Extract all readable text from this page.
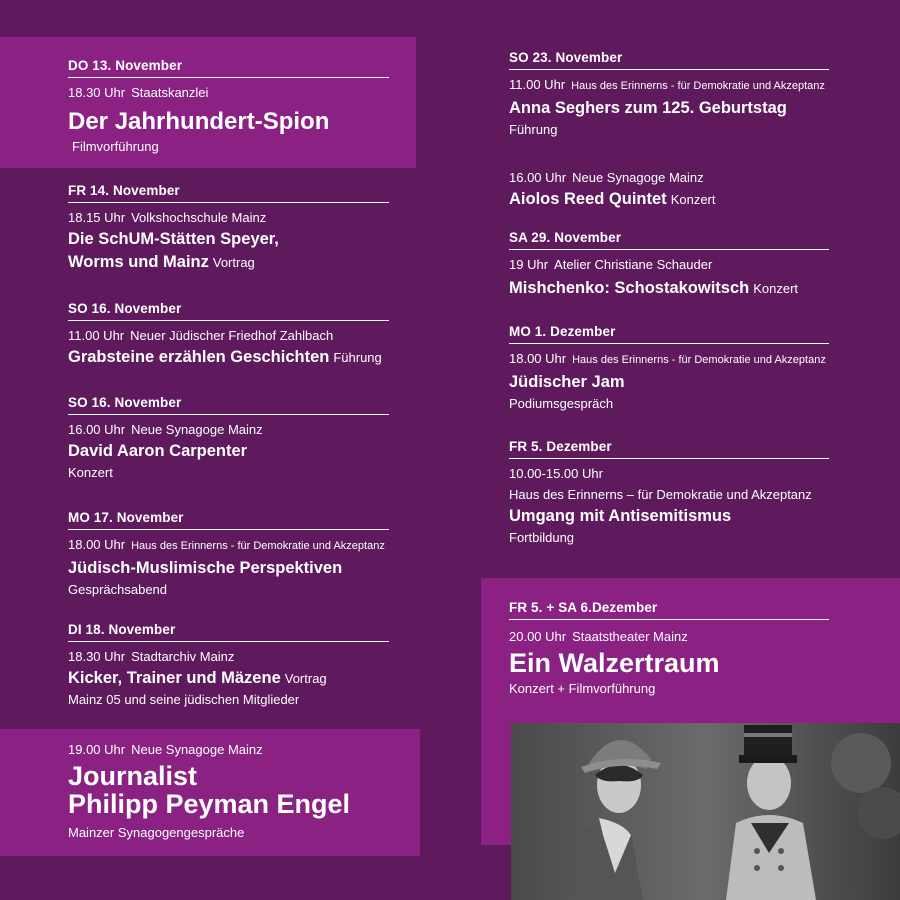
DO 13. November
18.30 Uhr Staatskanzlei
Der Jahrhundert-Spion
Filmvorführung
FR 14. November
18.15 Uhr Volkshochschule Mainz
Die SchUM-Stätten Speyer,
Worms und Mainz Vortrag
SO 16. November
11.00 Uhr Neuer Jüdischer Friedhof Zahlbach
Grabsteine erzählen Geschichten Führung
SO 16. November
16.00 Uhr Neue Synagoge Mainz
David Aaron Carpenter
Konzert
MO 17. November
18.00 Uhr Haus des Erinnerns - für Demokratie und Akzeptanz
Jüdisch-Muslimische Perspektiven
Gesprächsabend
DI 18. November
18.30 Uhr Stadtarchiv Mainz
Kicker, Trainer und Mäzene Vortrag
Mainz 05 und seine jüdischen Mitglieder
19.00 Uhr Neue Synagoge Mainz
Journalist
Philipp Peyman Engel
Mainzer Synagogengespräche
SO 23. November
11.00 Uhr Haus des Erinnerns - für Demokratie und Akzeptanz
Anna Seghers zum 125. Geburtstag
Führung
16.00 Uhr Neue Synagoge Mainz
Aiolos Reed Quintet Konzert
SA 29. November
19 Uhr Atelier Christiane Schauder
Mishchenko: Schostakowitsch Konzert
MO 1. Dezember
18.00 Uhr Haus des Erinnerns - für Demokratie und Akzeptanz
Jüdischer Jam
Podiumsgespräch
FR 5. Dezember
10.00-15.00 Uhr
Haus des Erinnerns – für Demokratie und Akzeptanz
Umgang mit Antisemitismus
Fortbildung
FR 5. + SA 6.Dezember
20.00 Uhr Staatstheater Mainz
Ein Walzertraum
Konzert + Filmvorführung
